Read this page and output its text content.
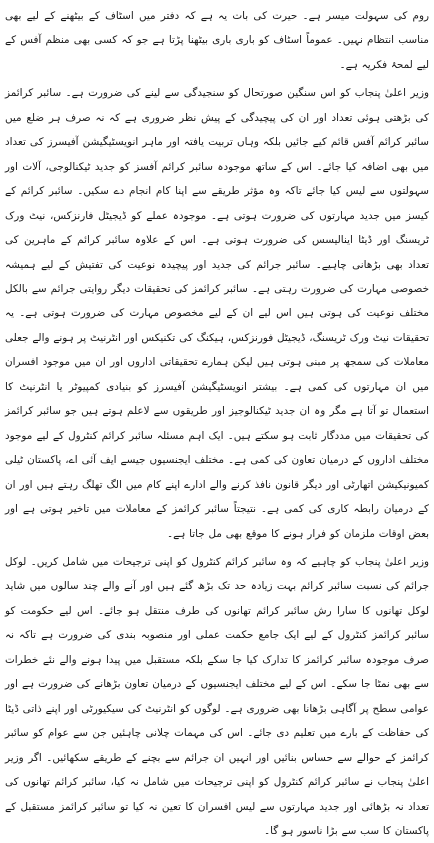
روم کی سہولت میسر ہے۔ حیرت کی بات یہ ہے کہ دفتر میں اسٹاف کے بیٹھنے کے لیے بھی مناسب انتظام نہیں۔ عموماً اسٹاف کو باری باری بیٹھنا پڑتا ہے جو کہ کسی بھی منظم آفس کے لیے لمحۂ فکریہ ہے۔

وزیر اعلیٰ پنجاب کو اس سنگین صورتحال کو سنجیدگی سے لینے کی ضرورت ہے۔ سائبر کرائمز کی بڑھتی ہوئی تعداد اور ان کی پیچیدگی کے پیش نظر ضروری ہے کہ نہ صرف ہر ضلع میں سائبر کرائم آفس قائم کیے جائیں بلکہ وہاں تربیت یافتہ اور ماہر انویسٹیگیشن آفیسرز کی تعداد میں بھی اضافہ کیا جائے۔ اس کے ساتھ موجودہ سائبر کرائم آفسز کو جدید ٹیکنالوجی، آلات اور سہولتوں سے لیس کیا جائے تاکہ وہ مؤثر طریقے سے اپنا کام انجام دے سکیں۔ سائبر کرائم کے کیسز میں جدید مہارتوں کی ضرورت ہوتی ہے۔ موجودہ عملے کو ڈیجیٹل فارنزکس، نیٹ ورک ٹریسنگ اور ڈیٹا اینالیسس کی ضرورت ہوتی ہے۔ اس کے علاوہ سائبر کرائم کے ماہرین کی تعداد بھی بڑھانی چاہیے۔ سائبر جرائم کی جدید اور پیچیدہ نوعیت کی تفتیش کے لیے ہمیشہ خصوصی مہارت کی ضرورت رہتی ہے۔ سائبر کرائمز کی تحقیقات دیگر روایتی جرائم سے بالکل مختلف نوعیت کی ہوتی ہیں اس لیے ان کے لیے مخصوص مہارت کی ضرورت ہوتی ہے۔ یہ تحقیقات نیٹ ورک ٹریسنگ، ڈیجیٹل فورنزکس، ہیکنگ کی تکنیکس اور انٹرنیٹ پر ہونے والے جعلی معاملات کی سمجھ پر مبنی ہوتی ہیں لیکن ہمارے تحقیقاتی اداروں اور ان میں موجود افسران میں ان مہارتوں کی کمی ہے۔ بیشتر انویسٹیگیشن آفیسرز کو بنیادی کمپیوٹر یا انٹرنیٹ کا استعمال تو آتا ہے مگر وہ ان جدید ٹیکنالوجیز اور طریقوں سے لاعلم ہوتے ہیں جو سائبر کرائمز کی تحقیقات میں مددگار ثابت ہو سکتے ہیں۔ ایک اہم مسئلہ سائبر کرائم کنٹرول کے لیے موجود مختلف اداروں کے درمیان تعاون کی کمی ہے۔ مختلف ایجنسیوں جیسے ایف آئی اے، پاکستان ٹیلی کمیونیکیشن اتھارٹی اور دیگر قانون نافذ کرنے والے ادارے اپنے کام میں الگ تھلگ رہتے ہیں اور ان کے درمیان رابطہ کاری کی کمی ہے۔ نتیجتاً سائبر کرائمز کے معاملات میں تاخیر ہوتی ہے اور بعض اوقات ملزمان کو فرار ہونے کا موقع بھی مل جاتا ہے۔

وزیر اعلیٰ پنجاب کو چاہیے کہ وہ سائبر کرائم کنٹرول کو اپنی ترجیحات میں شامل کریں۔ لوکل جرائم کی نسبت سائبر کرائم بہت زیادہ حد تک بڑھ گئے ہیں اور آنے والے چند سالوں میں شاید لوکل تھانوں کا سارا رش سائبر کرائم تھانوں کی طرف منتقل ہو جائے۔ اس لیے حکومت کو سائبر کرائمز کنٹرول کے لیے ایک جامع حکمت عملی اور منصوبہ بندی کی ضرورت ہے تاکہ نہ صرف موجودہ سائبر کرائمز کا تدارک کیا جا سکے بلکہ مستقبل میں پیدا ہونے والے نئے خطرات سے بھی نمٹا جا سکے۔ اس کے لیے مختلف ایجنسیوں کے درمیان تعاون بڑھانے کی ضرورت ہے اور عوامی سطح پر آگاہی بڑھانا بھی ضروری ہے۔ لوگوں کو انٹرنیٹ کی سیکیورٹی اور اپنے ذاتی ڈیٹا کی حفاظت کے بارے میں تعلیم دی جائے۔ اس کی مہمات چلانی چاہئیں جن سے عوام کو سائبر کرائمز کے حوالے سے حساس بنائیں اور انہیں ان جرائم سے بچنے کے طریقے سکھائیں۔ اگر وزیر اعلیٰ پنجاب نے سائبر کرائم کنٹرول کو اپنی ترجیحات میں شامل نہ کیا، سائبر کرائم تھانوں کی تعداد نہ بڑھائی اور جدید مہارتوں سے لیس افسران کا تعین نہ کیا تو سائبر کرائمز مستقبل کے پاکستان کا سب سے بڑا ناسور ہو گا۔
